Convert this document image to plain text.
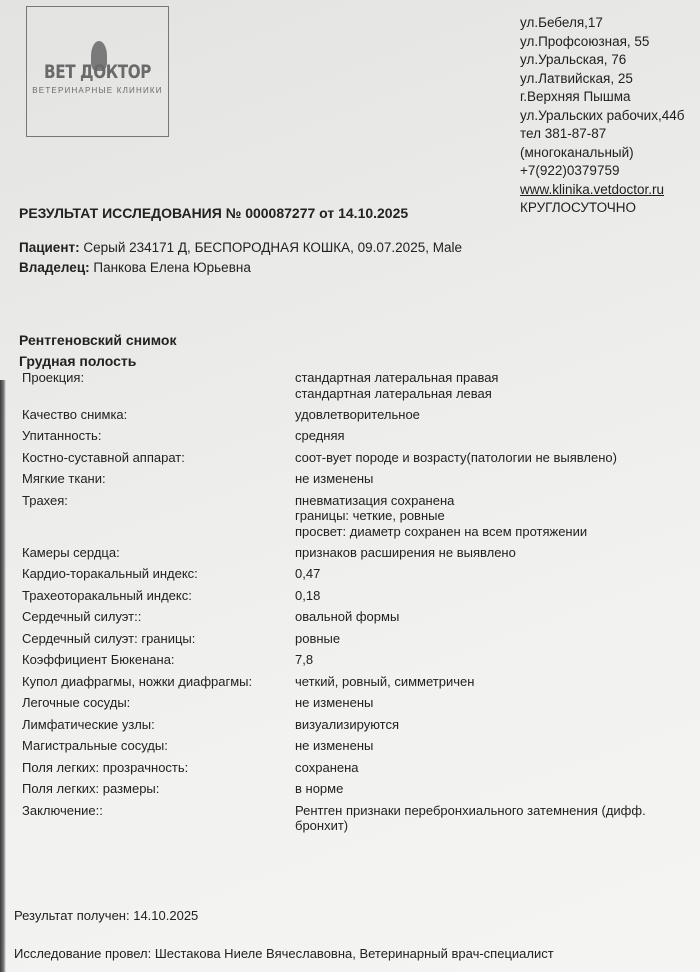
ВЕТ ДОКТОР
ВЕТЕРИНАРНЫЕ КЛИНИКИ
ул.Бебеля,17
ул.Профсоюзная, 55
ул.Уральская, 76
ул.Латвийская, 25
г.Верхняя Пышма
ул.Уральских рабочих,44б
тел 381-87-87
(многоканальный)
+7(922)0379759
www.klinika.vetdoctor.ru
КРУГЛОСУТОЧНО
РЕЗУЛЬТАТ ИССЛЕДОВАНИЯ № 000087277 от 14.10.2025
Пациент: Серый 234171 Д, БЕСПОРОДНАЯ КОШКА, 09.07.2025, Male
Владелец: Панкова Елена Юрьевна
Рентгеновский снимок
Грудная полость
Проекция:	стандартная латеральная правая
стандартная латеральная левая
Качество снимка:	удовлетворительное
Упитанность:	средняя
Костно-суставной аппарат:	соот-вует породе и возрасту(патологии не выявлено)
Мягкие ткани:	не изменены
Трахея:	пневматизация сохранена
границы: четкие, ровные
просвет: диаметр сохранен на всем протяжении
Камеры сердца:	признаков расширения не выявлено
Кардио-торакальный индекс:	0,47
Трахеоторакальный индекс:	0,18
Сердечный силуэт::	овальной формы
Сердечный силуэт: границы:	ровные
Коэффициент Бюкенана:	7,8
Купол диафрагмы, ножки диафрагмы:	четкий, ровный, симметричен
Легочные сосуды:	не изменены
Лимфатические узлы:	визуализируются
Магистральные сосуды:	не изменены
Поля легких: прозрачность:	сохранена
Поля легких: размеры:	в норме
Заключение::	Рентген признаки перебронхиального затемнения (дифф.
бронхит)
Результат получен: 14.10.2025
Исследование провел: Шестакова Ниеле Вячеславовна, Ветеринарный врач-специалист
